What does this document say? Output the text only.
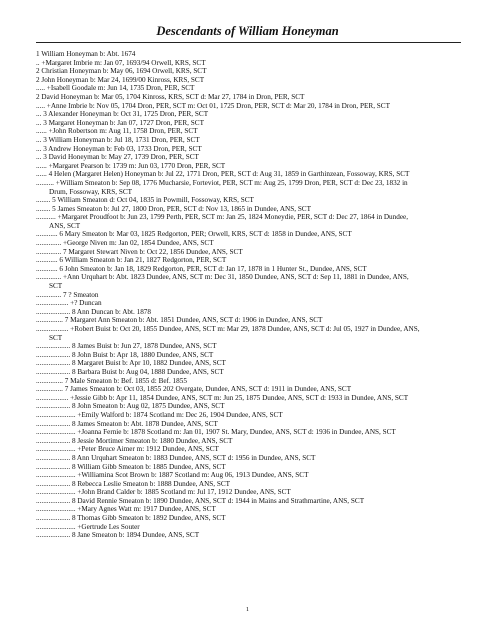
Descendants of William Honeyman
1 William Honeyman b: Abt. 1674
.. +Margaret Imbrie m: Jan 07, 1693/94 Orwell, KRS, SCT
2 Christian Honeyman b: May 06, 1694 Orwell, KRS, SCT
2 John Honeyman b: Mar 24, 1699/00 Kinross, KRS, SCT
..... +Isabell Goodale m: Jun 14, 1735 Dron, PER, SCT
2 David Honeyman b: Mar 05, 1704 Kinross, KRS, SCT d: Mar 27, 1784 in Dron, PER, SCT
..... +Anne Imbrie b: Nov 05, 1704 Dron, PER, SCT m: Oct 01, 1725 Dron, PER, SCT d: Mar 20, 1784 in Dron, PER, SCT
... 3 Alexander Honeyman b: Oct 31, 1725 Dron, PER, SCT
... 3 Margaret Honeyman b: Jan 07, 1727 Dron, PER, SCT
...... +John Robertson m: Aug 11, 1758 Dron, PER, SCT
... 3 William Honeyman b: Jul 18, 1731 Dron, PER, SCT
... 3 Andrew Honeyman b: Feb 03, 1733 Dron, PER, SCT
... 3 David Honeyman b: May 27, 1739 Dron, PER, SCT
...... +Margaret Pearson b: 1739 m: Jun 03, 1770 Dron, PER, SCT
...... 4 Helen (Margaret Helen) Honeyman b: Jul 22, 1771 Dron, PER, SCT d: Aug 31, 1859 in Garthinzean, Fossoway, KRS, SCT
.......... +William Smeaton b: Sep 08, 1776 Mucharsie, Forteviot, PER, SCT m: Aug 25, 1799 Dron, PER, SCT d: Dec 23, 1832 in
Drum, Fossoway, KRS, SCT
........ 5 William Smeaton d: Oct 04, 1835 in Powmill, Fossoway, KRS, SCT
........ 5 James Smeaton b: Jul 27, 1800 Dron, PER, SCT d: Nov 13, 1865 in Dundee, ANS, SCT
........... +Margaret Proudfoot b: Jun 23, 1799 Perth, PER, SCT m: Jan 25, 1824 Moneydie, PER, SCT d: Dec 27, 1864 in Dundee,
ANS, SCT
............ 6 Mary Smeaton b: Mar 03, 1825 Redgorton, PER; Orwell, KRS, SCT d: 1858 in Dundee, ANS, SCT
.............. +George Niven m: Jan 02, 1854 Dundee, ANS, SCT
.............. 7 Margaret Stewart Niven b: Oct 22, 1856 Dundee, ANS, SCT
............ 6 William Smeaton b: Jan 21, 1827 Redgorton, PER, SCT
............ 6 John Smeaton b: Jan 18, 1829 Redgorton, PER, SCT d: Jan 17, 1878 in 1 Hunter St., Dundee, ANS, SCT
.............. +Ann Urquhart b: Abt. 1823 Dundee, ANS, SCT m: Dec 31, 1850 Dundee, ANS, SCT d: Sep 11, 1881 in Dundee, ANS,
SCT
.............. 7 ? Smeaton
.................. +? Duncan
................... 8 Ann Duncan b: Abt. 1878
............... 7 Margaret Ann Smeaton b: Abt. 1851 Dundee, ANS, SCT d: 1906 in Dundee, ANS, SCT
.................. +Robert Buist b: Oct 20, 1855 Dundee, ANS, SCT m: Mar 29, 1878 Dundee, ANS, SCT d: Jul 05, 1927 in Dundee, ANS,
SCT
................... 8 James Buist b: Jun 27, 1878 Dundee, ANS, SCT
................... 8 John Buist b: Apr 18, 1880 Dundee, ANS, SCT
................... 8 Margaret Buist b: Apr 10, 1882 Dundee, ANS, SCT
................... 8 Barbara Buist b: Aug 04, 1888 Dundee, ANS, SCT
............... 7 Male Smeaton b: Bef. 1855 d: Bef. 1855
............... 7 James Smeaton b: Oct 03, 1855 202 Overgate, Dundee, ANS, SCT d: 1911 in Dundee, ANS, SCT
.................. +Jessie Gibb b: Apr 11, 1854 Dundee, ANS, SCT m: Jun 25, 1875 Dundee, ANS, SCT d: 1933 in Dundee, ANS, SCT
................... 8 John Smeaton b: Aug 02, 1875 Dundee, ANS, SCT
...................... +Emily Walford b: 1874 Scotland m: Dec 26, 1904 Dundee, ANS, SCT
................... 8 James Smeaton b: Abt. 1878 Dundee, ANS, SCT
...................... +Joanna Fernie b: 1878 Scotland m: Jan 01, 1907 St. Mary, Dundee, ANS, SCT d: 1936 in Dundee, ANS, SCT
................... 8 Jessie Mortimer Smeaton b: 1880 Dundee, ANS, SCT
...................... +Peter Bruce Aimer m: 1912 Dundee, ANS, SCT
................... 8 Ann Urquhart Smeaton b: 1883 Dundee, ANS, SCT d: 1956 in Dundee, ANS, SCT
................... 8 William Gibb Smeaton b: 1885 Dundee, ANS, SCT
...................... +Williamina Scot Brown b: 1887 Scotland m: Aug 06, 1913 Dundee, ANS, SCT
................... 8 Rebecca Leslie Smeaton b: 1888 Dundee, ANS, SCT
...................... +John Brand Calder b: 1885 Scotland m: Jul 17, 1912 Dundee, ANS, SCT
................... 8 David Rennie Smeaton b: 1890 Dundee, ANS, SCT d: 1944 in Mains and Strathmartine, ANS, SCT
...................... +Mary Agnes Watt m: 1917 Dundee, ANS, SCT
................... 8 Thomas Gibb Smeaton b: 1892 Dundee, ANS, SCT
...................... +Gertrude Les Souter
................... 8 Jane Smeaton b: 1894 Dundee, ANS, SCT
1
